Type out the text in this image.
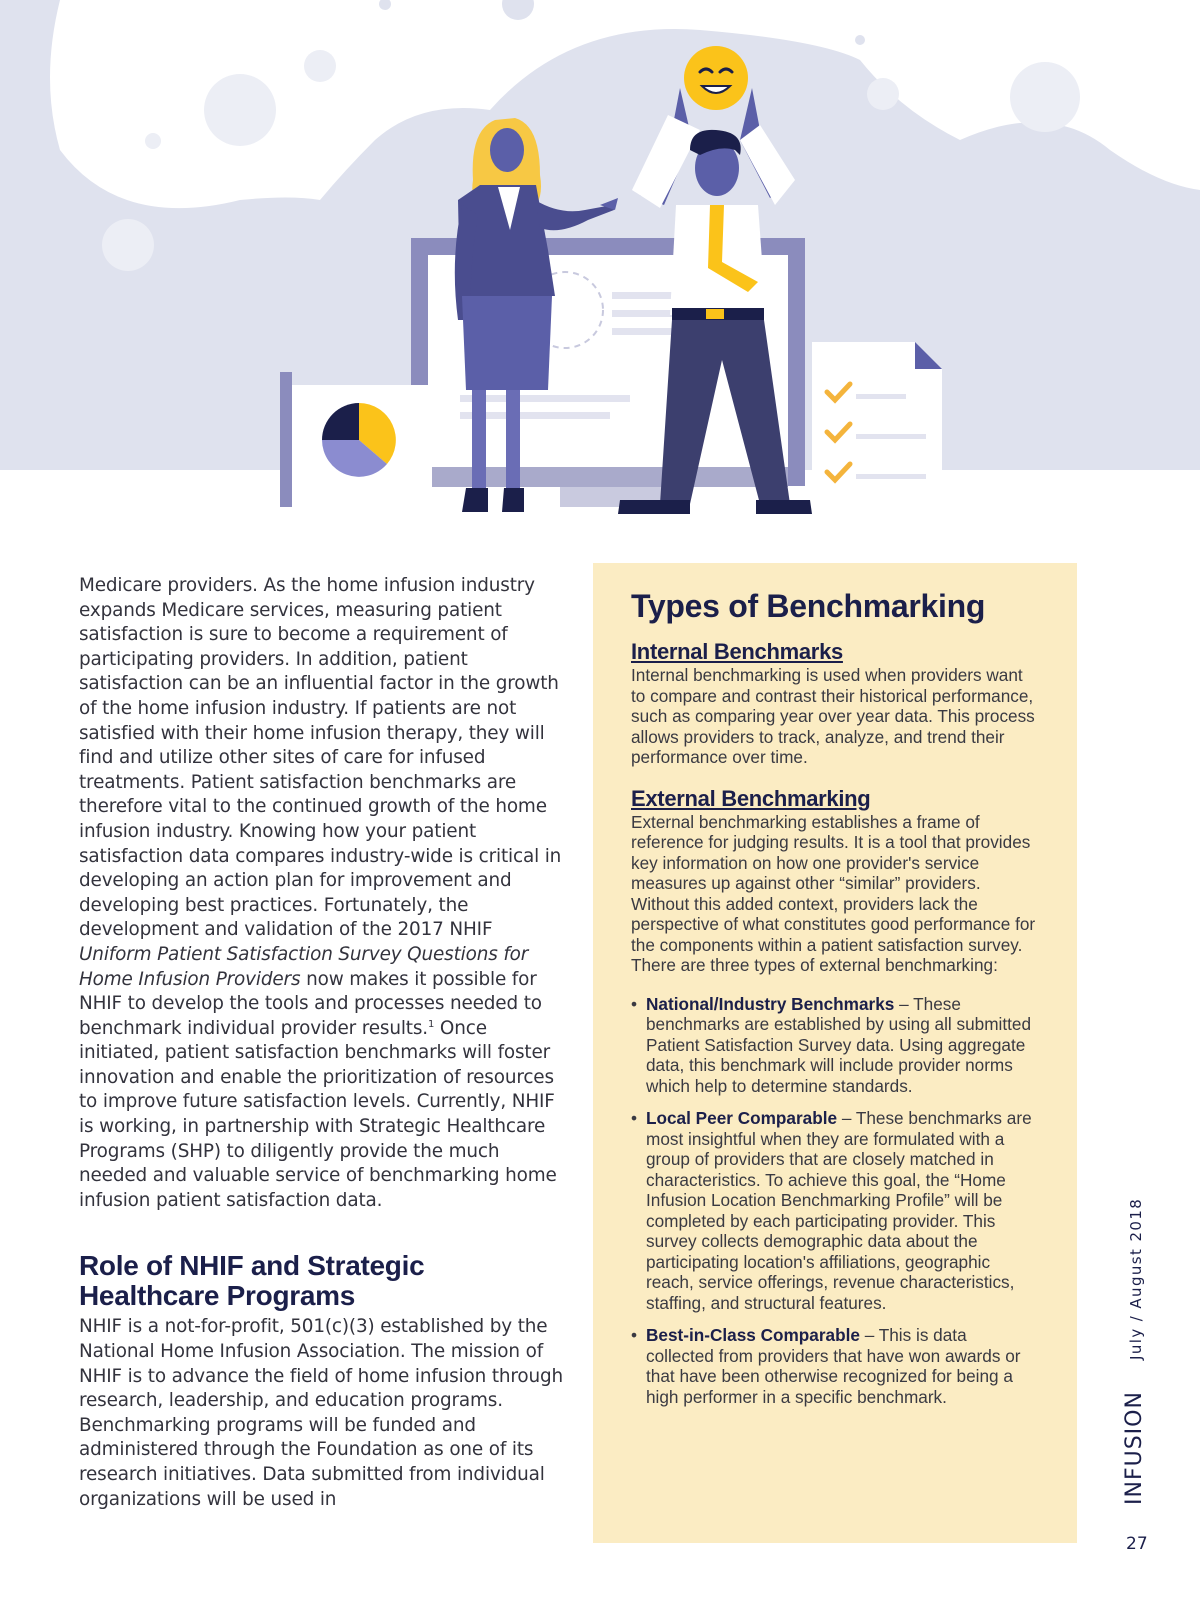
Medicare providers. As the home infusion industry expands Medicare services, measuring patient satisfaction is sure to become a requirement of participating providers. In addition, patient satisfaction can be an influential factor in the growth of the home infusion industry. If patients are not satisfied with their home infusion therapy, they will find and utilize other sites of care for infused treatments. Patient satisfaction benchmarks are therefore vital to the continued growth of the home infusion industry. Knowing how your patient satisfaction data compares industry-wide is critical in developing an action plan for improvement and developing best practices. Fortunately, the development and validation of the 2017 NHIF Uniform Patient Satisfaction Survey Questions for Home Infusion Providers now makes it possible for NHIF to develop the tools and processes needed to benchmark individual provider results.$^1$ Once initiated, patient satisfaction benchmarks will foster innovation and enable the prioritization of resources to improve future satisfaction levels. Currently, NHIF is working, in partnership with Strategic Healthcare Programs (SHP) to diligently provide the much needed and valuable service of benchmarking home infusion patient satisfaction data.

Role of NHIF and Strategic Healthcare Programs

NHIF is a not-for-profit, 501(c)(3) established by the National Home Infusion Association. The mission of NHIF is to advance the field of home infusion through research, leadership, and education programs. Benchmarking programs will be funded and administered through the Foundation as one of its research initiatives. Data submitted from individual organizations will be used in

Types of Benchmarking
Internal Benchmarks

Internal benchmarking is used when providers want to compare and contrast their historical performance, such as comparing year over year data. This process allows providers to track, analyze, and trend their performance over time.

External Benchmarking

External benchmarking establishes a frame of reference for judging results. It is a tool that provides key information on how one provider's service measures up against other “similar” providers. Without this added context, providers lack the perspective of what constitutes good performance for the components within a patient satisfaction survey. There are three types of external benchmarking:

• National/Industry Benchmarks – These benchmarks are established by using all submitted Patient Satisfaction Survey data. Using aggregate data, this benchmark will include provider norms which help to determine standards.
• Local Peer Comparable – These benchmarks are most insightful when they are formulated with a group of providers that are closely matched in characteristics. To achieve this goal, the “Home Infusion Location Benchmarking Profile” will be completed by each participating provider. This survey collects demographic data about the participating location's affiliations, geographic reach, service offerings, revenue characteristics, staffing, and structural features.
• Best-in-Class Comparable – This is data collected from providers that have won awards or that have been otherwise recognized for being a high performer in a specific benchmark.	INFUSION July / August 2018
27
